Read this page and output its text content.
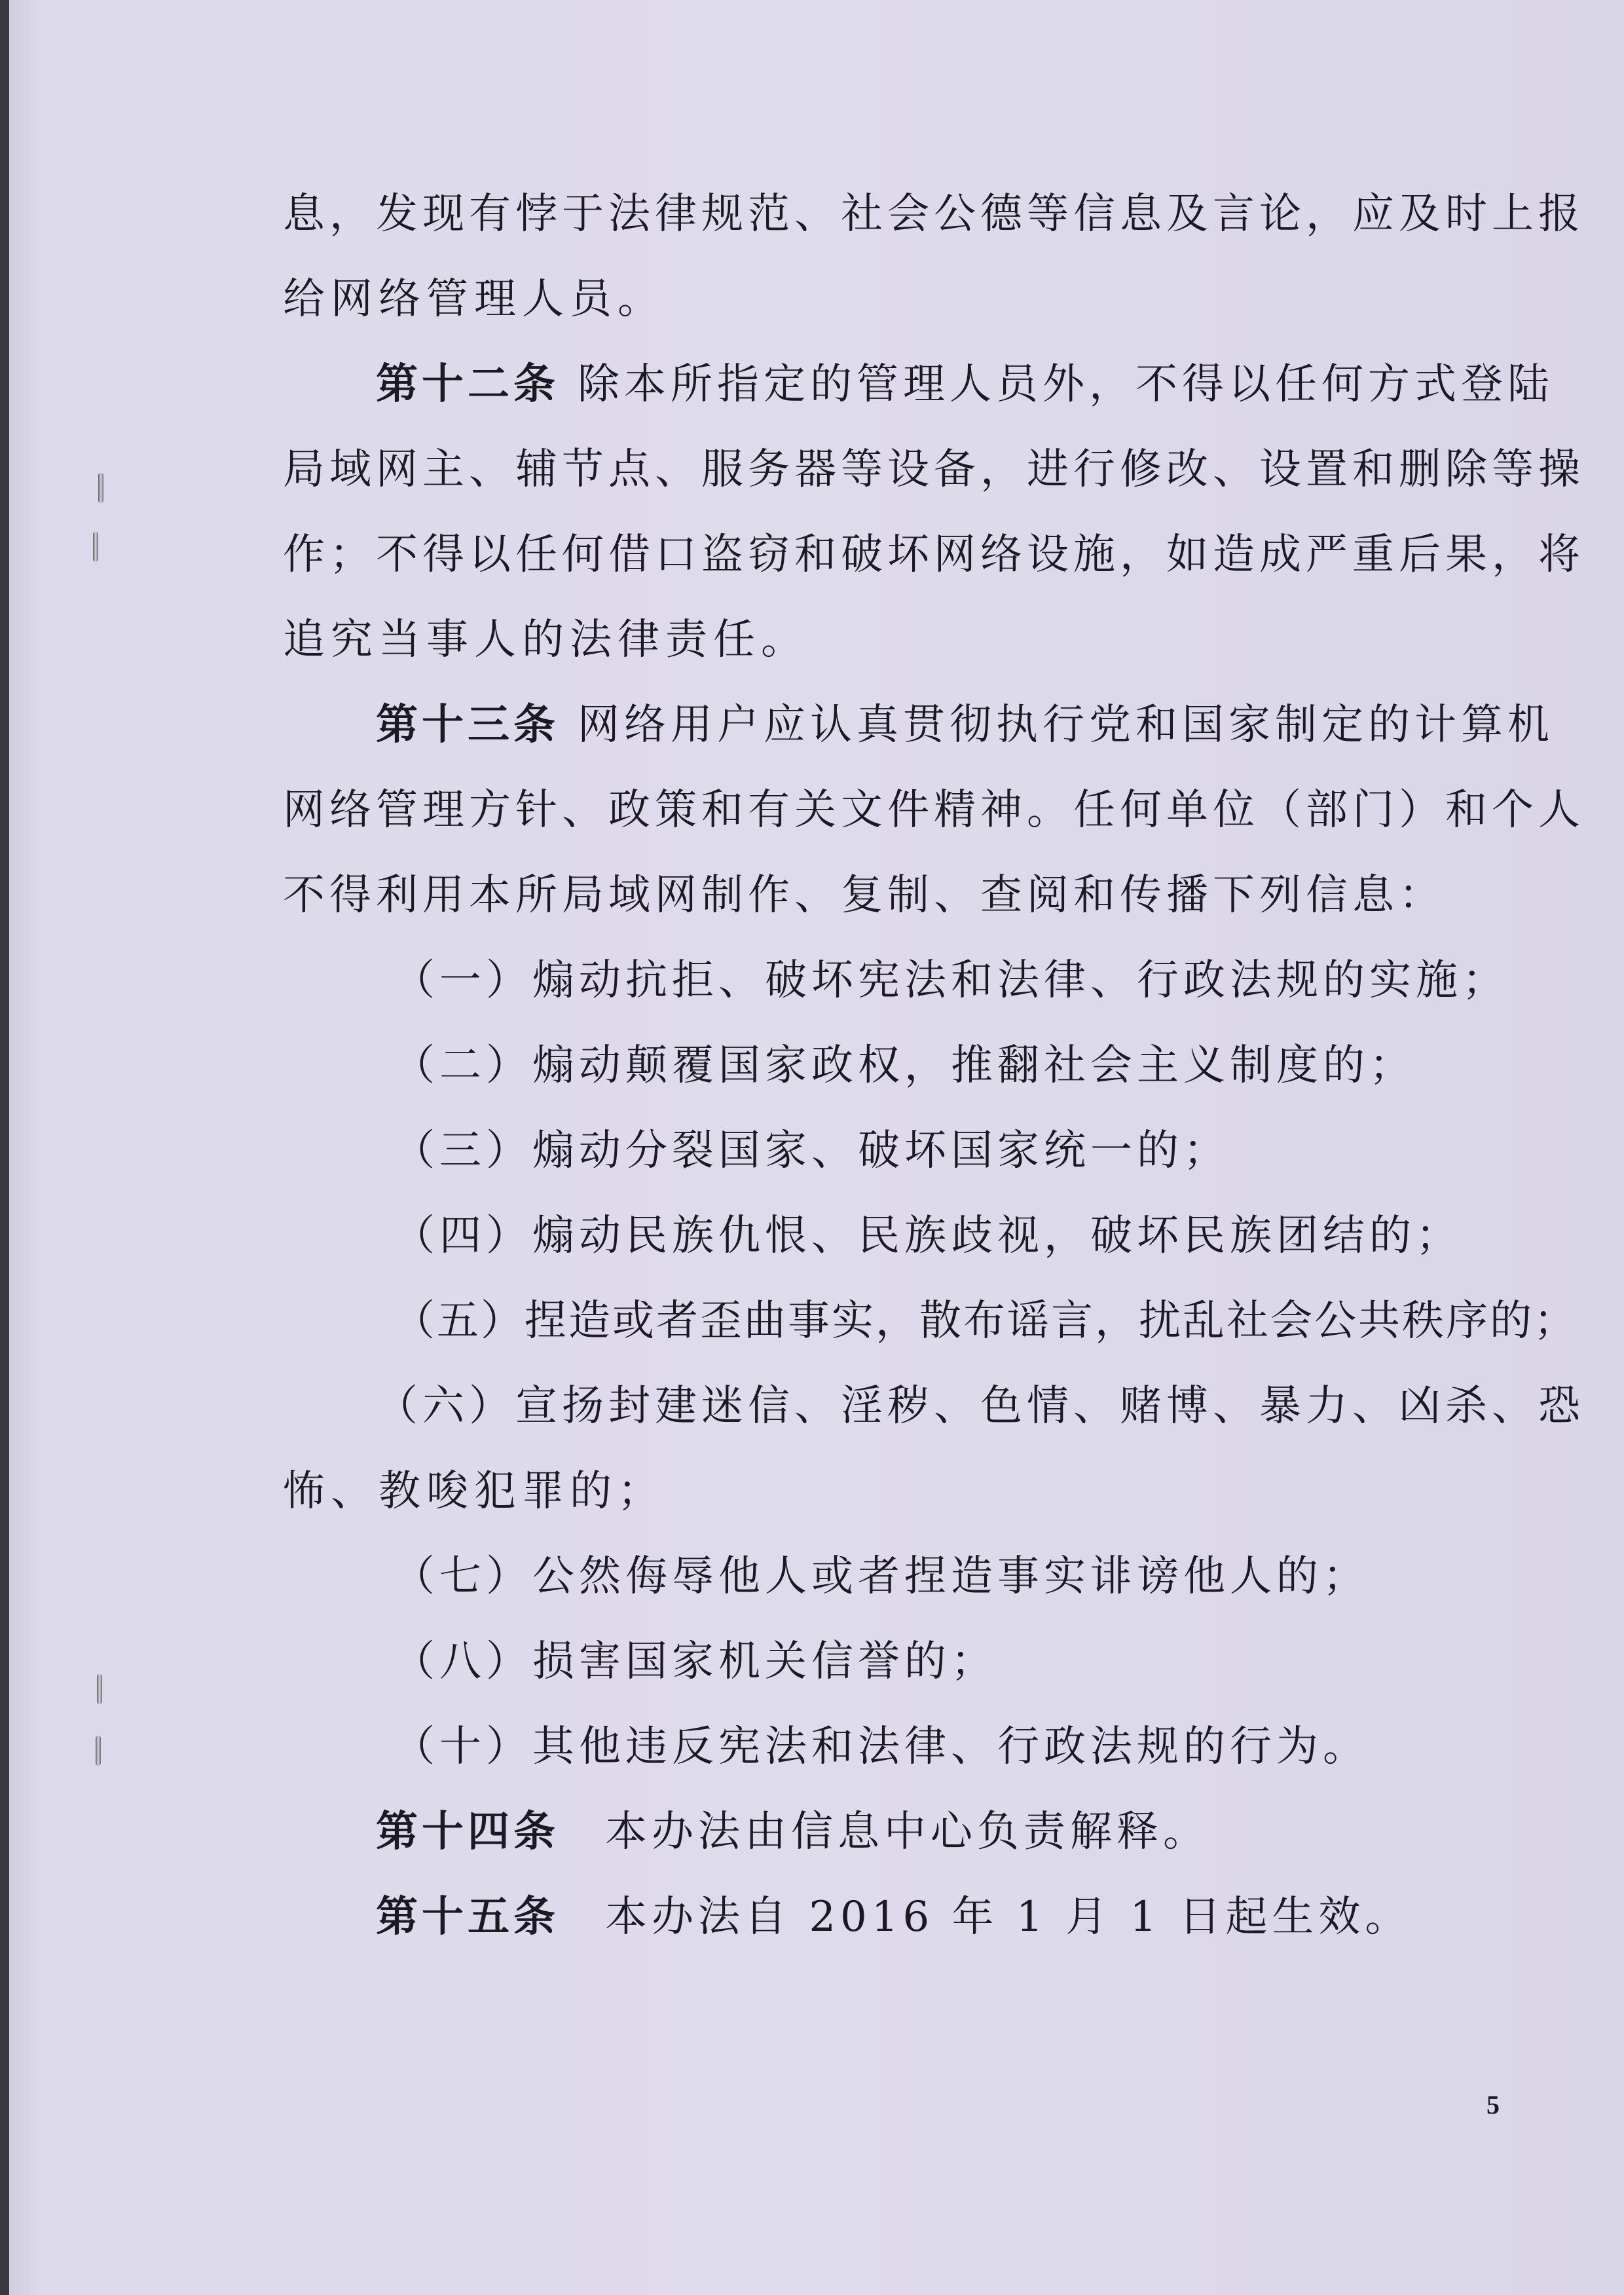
息，发现有悖于法律规范、社会公德等信息及言论，应及时上报
给网络管理人员。
第十二条 除本所指定的管理人员外，不得以任何方式登陆
局域网主、辅节点、服务器等设备，进行修改、设置和删除等操
作；不得以任何借口盗窃和破坏网络设施，如造成严重后果，将
追究当事人的法律责任。
第十三条 网络用户应认真贯彻执行党和国家制定的计算机
网络管理方针、政策和有关文件精神。任何单位（部门）和个人
不得利用本所局域网制作、复制、查阅和传播下列信息：
（一）煽动抗拒、破坏宪法和法律、行政法规的实施；
（二）煽动颠覆国家政权，推翻社会主义制度的；
（三）煽动分裂国家、破坏国家统一的；
（四）煽动民族仇恨、民族歧视，破坏民族团结的；
（五）捏造或者歪曲事实，散布谣言，扰乱社会公共秩序的；
（六）宣扬封建迷信、淫秽、色情、赌博、暴力、凶杀、恐
怖、教唆犯罪的；
（七）公然侮辱他人或者捏造事实诽谤他人的；
（八）损害国家机关信誉的；
（十）其他违反宪法和法律、行政法规的行为。
第十四条 本办法由信息中心负责解释。
第十五条 本办法自 2016 年 1 月 1 日起生效。
5
